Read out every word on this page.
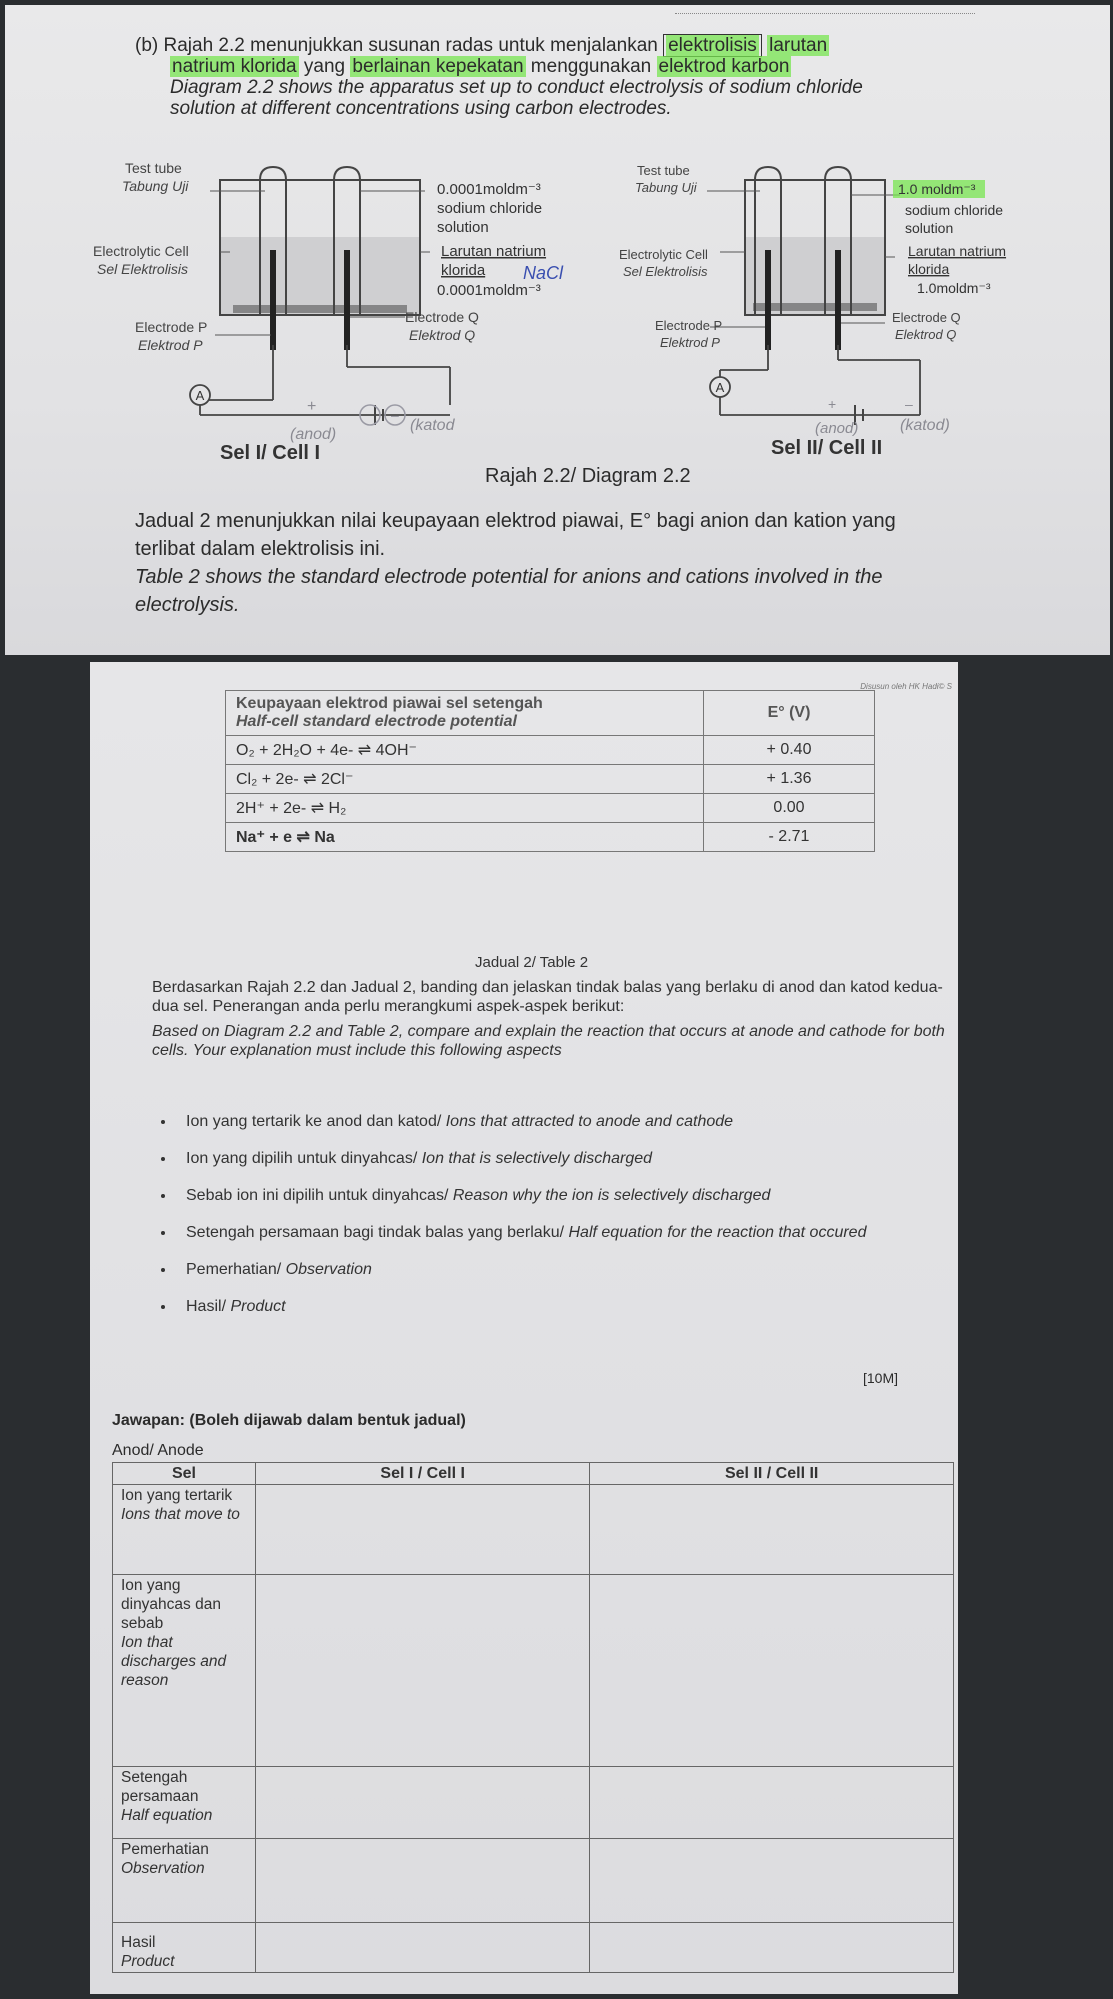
(b) Rajah 2.2 menunjukkan susunan radas untuk menjalankan elektrolisis larutan

natrium klorida yang berlainan kepekatan menggunakan elektrod karbon

Diagram 2.2 shows the apparatus set up to conduct electrolysis of sodium chloride

solution at different concentrations using carbon electrodes.

A
Test tube
Tabung Uji
Electrolytic Cell
Sel Elektrolisis
Electrode P
Elektrod P
0.0001moldm⁻³
sodium chloride
solution
Larutan natrium
klorida NaCl
0.0001moldm⁻³
Electrode Q
Elektrod Q
(anod)
+	–
(katod
Sel I/ Cell I
A
Test tube
Tabung Uji
Electrolytic Cell
Sel Elektrolisis
Electrode P
Elektrod P
1.0 moldm⁻³
sodium chloride
solution
Larutan natrium
klorida
1.0moldm⁻³
Electrode Q
Elektrod Q
(anod)
+	–
(katod)
Sel II/ Cell II
Rajah 2.2/ Diagram 2.2

Jadual 2 menunjukkan nilai keupayaan elektrod piawai, E° bagi anion dan kation yang

terlibat dalam elektrolisis ini.

Table 2 shows the standard electrode potential for anions and cations involved in the

electrolysis.

Disusun oleh HK Hadi© S
Keupayaan elektrod piawai sel setengah
Half-cell standard electrode potential	E° (V)
O₂ + 2H₂O + 4e- ⇌ 4OH⁻	+ 0.40
Cl₂ + 2e- ⇌ 2Cl⁻	+ 1.36
2H⁺ + 2e- ⇌ H₂	0.00
Na⁺ + e ⇌ Na	- 2.71
Jadual 2/ Table 2

Berdasarkan Rajah 2.2 dan Jadual 2, banding dan jelaskan tindak balas yang berlaku di anod dan katod kedua- dua sel. Penerangan anda perlu merangkumi aspek-aspek berikut:

Based on Diagram 2.2 and Table 2, compare and explain the reaction that occurs at anode and cathode for both cells. Your explanation must include this following aspects

• Ion yang tertarik ke anod dan katod/ Ions that attracted to anode and cathode
• Ion yang dipilih untuk dinyahcas/ Ion that is selectively discharged
• Sebab ion ini dipilih untuk dinyahcas/ Reason why the ion is selectively discharged
• Setengah persamaan bagi tindak balas yang berlaku/ Half equation for the reaction that occured
• Pemerhatian/ Observation
• Hasil/ Product
[10M]
Jawapan: (Boleh dijawab dalam bentuk jadual)
Anod/ Anode
Sel	Sel I / Cell I	Sel II / Cell II

Ion yang tertarik
Ions that move to		

Ion yang dinyahcas dan sebab
Ion that discharges and reason		

Setengah persamaan
Half equation		

Pemerhatian
Observation		

Hasil
Product		
